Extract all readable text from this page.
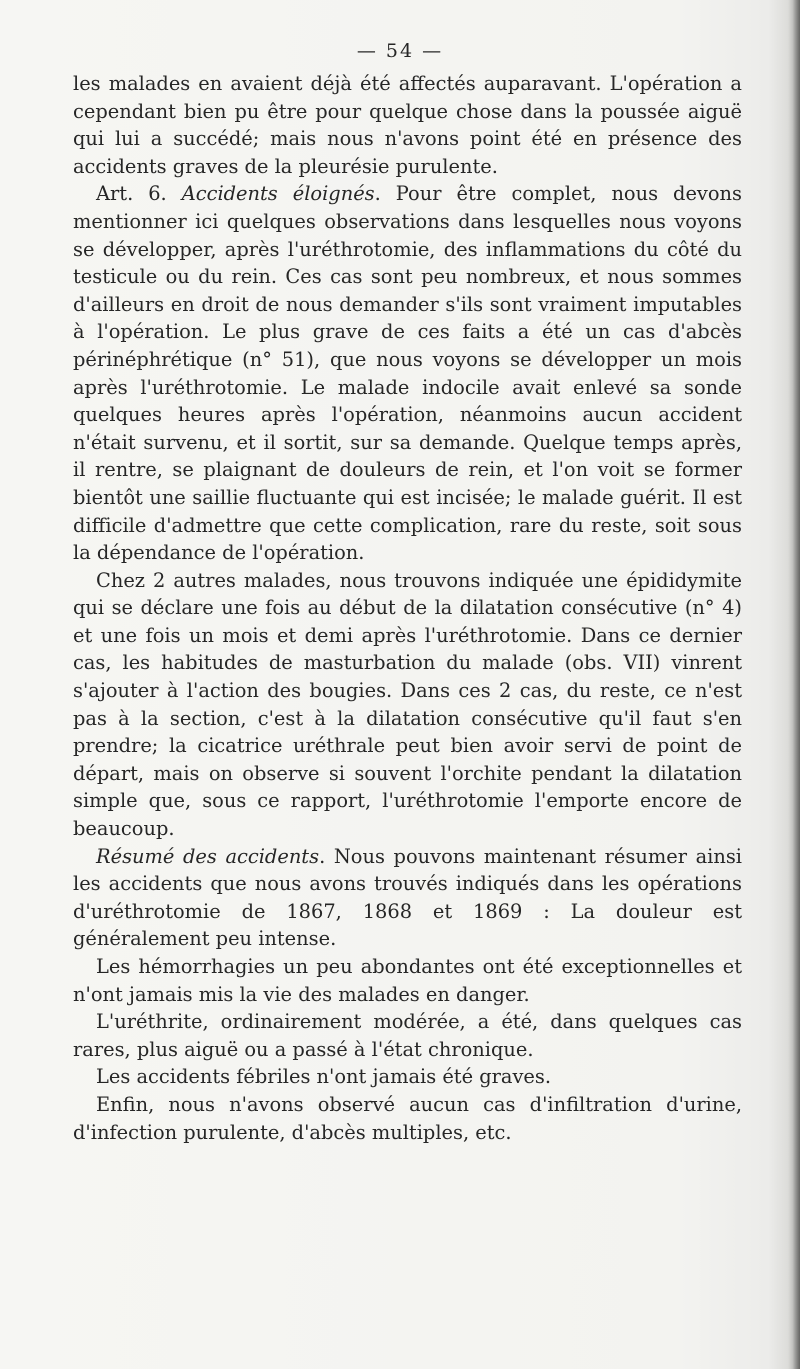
— 54 —

les malades en avaient déjà été affectés auparavant. L'opération a cependant bien pu être pour quelque chose dans la poussée aiguë qui lui a succédé; mais nous n'avons point été en présence des accidents graves de la pleurésie purulente.

Art. 6. Accidents éloignés. Pour être complet, nous devons mentionner ici quelques observations dans lesquelles nous voyons se développer, après l'uréthrotomie, des inflammations du côté du testicule ou du rein. Ces cas sont peu nombreux, et nous sommes d'ailleurs en droit de nous demander s'ils sont vraiment imputables à l'opération. Le plus grave de ces faits a été un cas d'abcès périnéphrétique (n° 51), que nous voyons se développer un mois après l'uréthrotomie. Le malade indocile avait enlevé sa sonde quelques heures après l'opération, néanmoins aucun accident n'était survenu, et il sortit, sur sa demande. Quelque temps après, il rentre, se plaignant de douleurs de rein, et l'on voit se former bientôt une saillie fluctuante qui est incisée; le malade guérit. Il est difficile d'admettre que cette complication, rare du reste, soit sous la dépendance de l'opération.

Chez 2 autres malades, nous trouvons indiquée une épididymite qui se déclare une fois au début de la dilatation consécutive (n° 4) et une fois un mois et demi après l'uréthrotomie. Dans ce dernier cas, les habitudes de masturbation du malade (obs. VII) vinrent s'ajouter à l'action des bougies. Dans ces 2 cas, du reste, ce n'est pas à la section, c'est à la dilatation consécutive qu'il faut s'en prendre; la cicatrice uréthrale peut bien avoir servi de point de départ, mais on observe si souvent l'orchite pendant la dilatation simple que, sous ce rapport, l'uréthrotomie l'emporte encore de beaucoup.

Résumé des accidents. Nous pouvons maintenant résumer ainsi les accidents que nous avons trouvés indiqués dans les opérations d'uréthrotomie de 1867, 1868 et 1869 : La douleur est généralement peu intense.

Les hémorrhagies un peu abondantes ont été exceptionnelles et n'ont jamais mis la vie des malades en danger.

L'uréthrite, ordinairement modérée, a été, dans quelques cas rares, plus aiguë ou a passé à l'état chronique.

Les accidents fébriles n'ont jamais été graves.

Enfin, nous n'avons observé aucun cas d'infiltration d'urine, d'infection purulente, d'abcès multiples, etc.
